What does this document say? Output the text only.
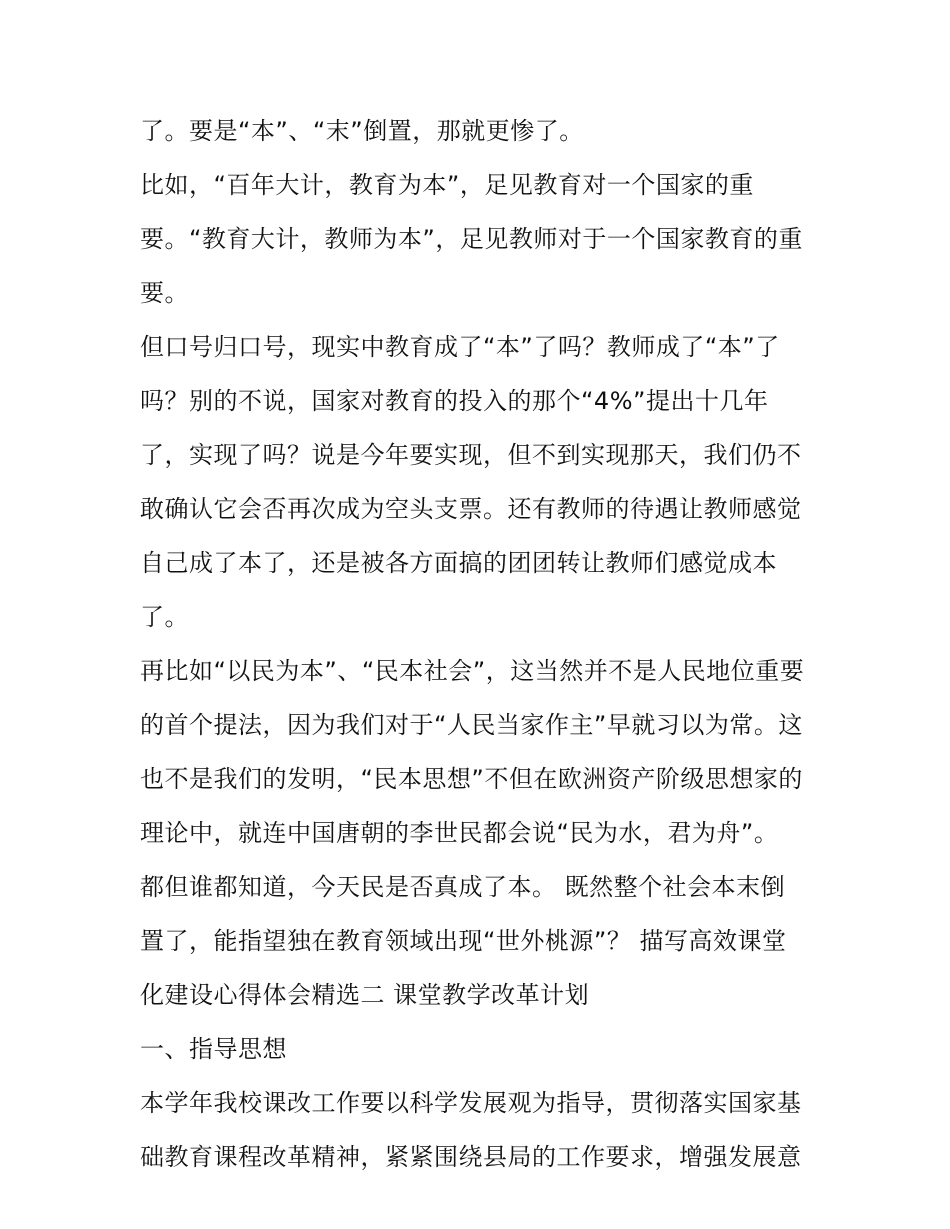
了。要是“本”、“末”倒置，那就更惨了。
比如，“百年大计，教育为本”，足见教育对一个国家的重
要。“教育大计，教师为本”，足见教师对于一个国家教育的重
要。
但口号归口号，现实中教育成了“本”了吗？教师成了“本”了
吗？别的不说，国家对教育的投入的那个“4%”提出十几年
了，实现了吗？说是今年要实现，但不到实现那天，我们仍不
敢确认它会否再次成为空头支票。还有教师的待遇让教师感觉
自己成了本了，还是被各方面搞的团团转让教师们感觉成本
了。
再比如“以民为本”、“民本社会”，这当然并不是人民地位重要
的首个提法，因为我们对于“人民当家作主”早就习以为常。这
也不是我们的发明，“民本思想”不但在欧洲资产阶级思想家的
理论中，就连中国唐朝的李世民都会说“民为水，君为舟”。
都但谁都知道，今天民是否真成了本。 既然整个社会本末倒
置了，能指望独在教育领域出现“世外桃源”？ 描写高效课堂
化建设心得体会精选二 课堂教学改革计划
一、指导思想
本学年我校课改工作要以科学发展观为指导，贯彻落实国家基
础教育课程改革精神，紧紧围绕县局的工作要求，增强发展意
